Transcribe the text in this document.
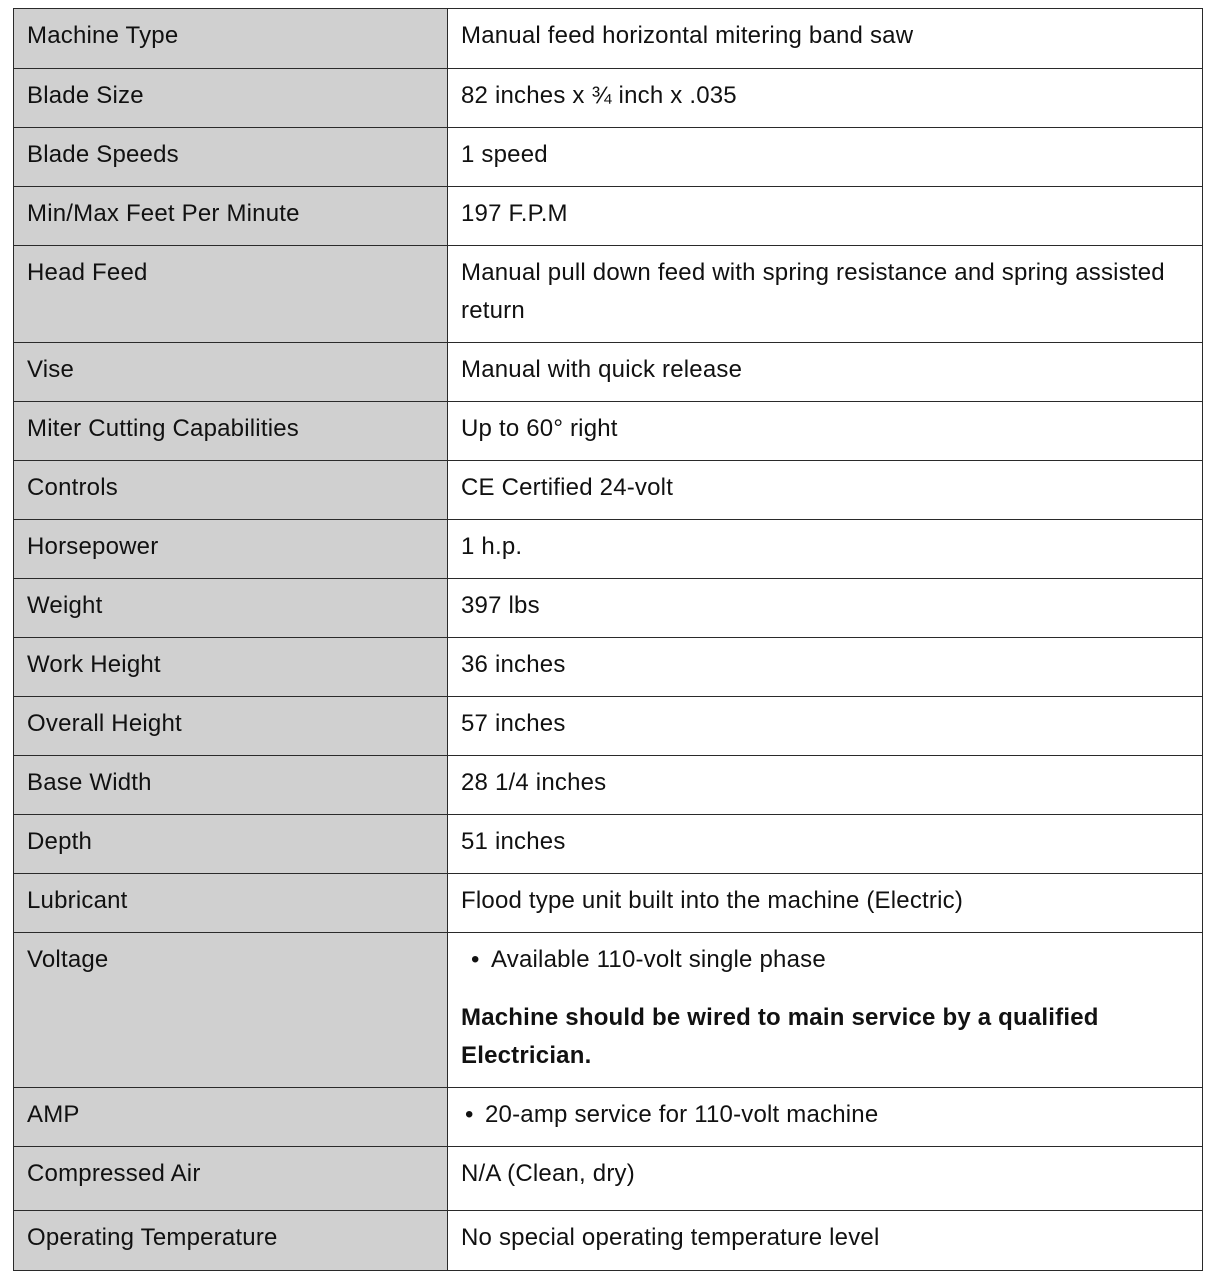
Machine Type	Manual feed horizontal mitering band saw
Blade Size	82 inches x ¾ inch x .035
Blade Speeds	1 speed
Min/Max Feet Per Minute	197 F.P.M
Head Feed	Manual pull down feed with spring resistance and spring assisted return
Vise	Manual with quick release
Miter Cutting Capabilities	Up to 60° right
Controls	CE Certified 24-volt
Horsepower	1 h.p.
Weight	397 lbs
Work Height	36 inches
Overall Height	57 inches
Base Width	28 1/4 inches
Depth	51 inches
Lubricant	Flood type unit built into the machine (Electric)
Voltage	• Available 110-volt single phase
Machine should be wired to main service by a qualified Electrician.

AMP	• 20-amp service for 110-volt machine

Compressed Air	N/A (Clean, dry)
Operating Temperature	No special operating temperature level
